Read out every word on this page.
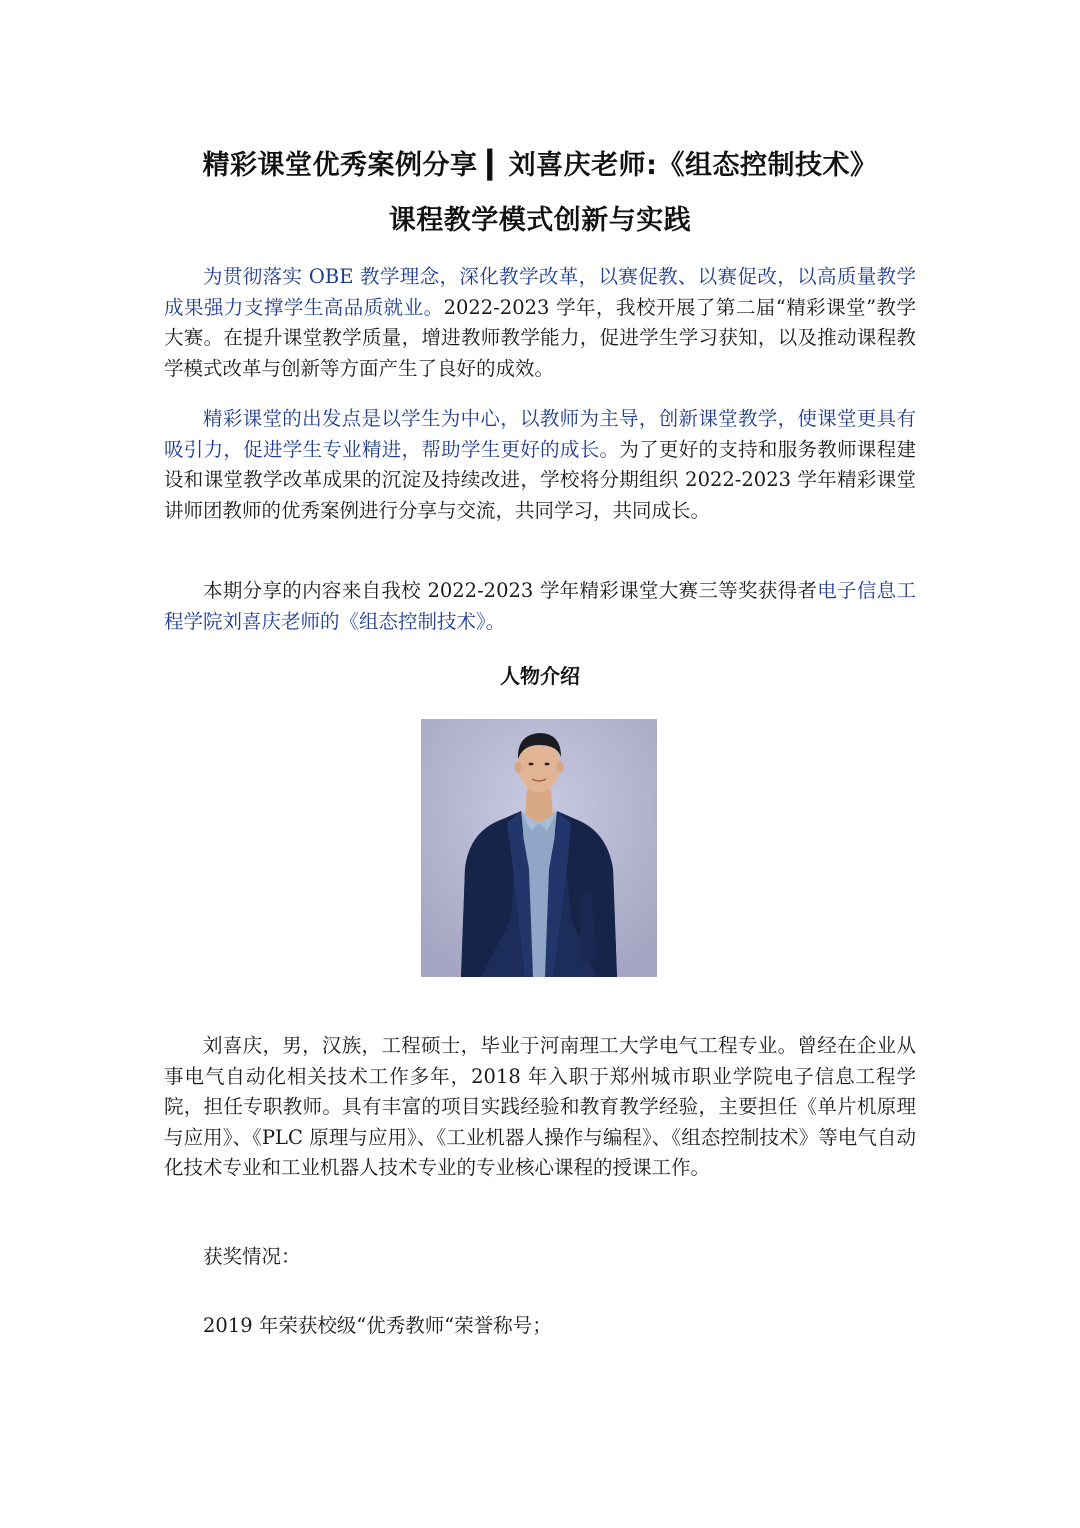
精彩课堂优秀案例分享 ▎刘喜庆老师:《组态控制技术》
课程教学模式创新与实践
为贯彻落实 OBE 教学理念，深化教学改革，以赛促教、以赛促改，以高质量教学成果强力支撑学生高品质就业。2022-2023 学年，我校开展了第二届“精彩课堂”教学大赛。在提升课堂教学质量，增进教师教学能力，促进学生学习获知，以及推动课程教学模式改革与创新等方面产生了良好的成效。
精彩课堂的出发点是以学生为中心，以教师为主导，创新课堂教学，使课堂更具有吸引力，促进学生专业精进，帮助学生更好的成长。为了更好的支持和服务教师课程建设和课堂教学改革成果的沉淀及持续改进，学校将分期组织 2022-2023 学年精彩课堂讲师团教师的优秀案例进行分享与交流，共同学习，共同成长。
本期分享的内容来自我校 2022-2023 学年精彩课堂大赛三等奖获得者电子信息工程学院刘喜庆老师的《组态控制技术》。
人物介绍
刘喜庆，男，汉族，工程硕士，毕业于河南理工大学电气工程专业。曾经在企业从事电气自动化相关技术工作多年，2018 年入职于郑州城市职业学院电子信息工程学院，担任专职教师。具有丰富的项目实践经验和教育教学经验，主要担任《单片机原理与应用》、《PLC 原理与应用》、《工业机器人操作与编程》、《组态控制技术》等电气自动化技术专业和工业机器人技术专业的专业核心课程的授课工作。
获奖情况：
2019 年荣获校级“优秀教师“荣誉称号；
